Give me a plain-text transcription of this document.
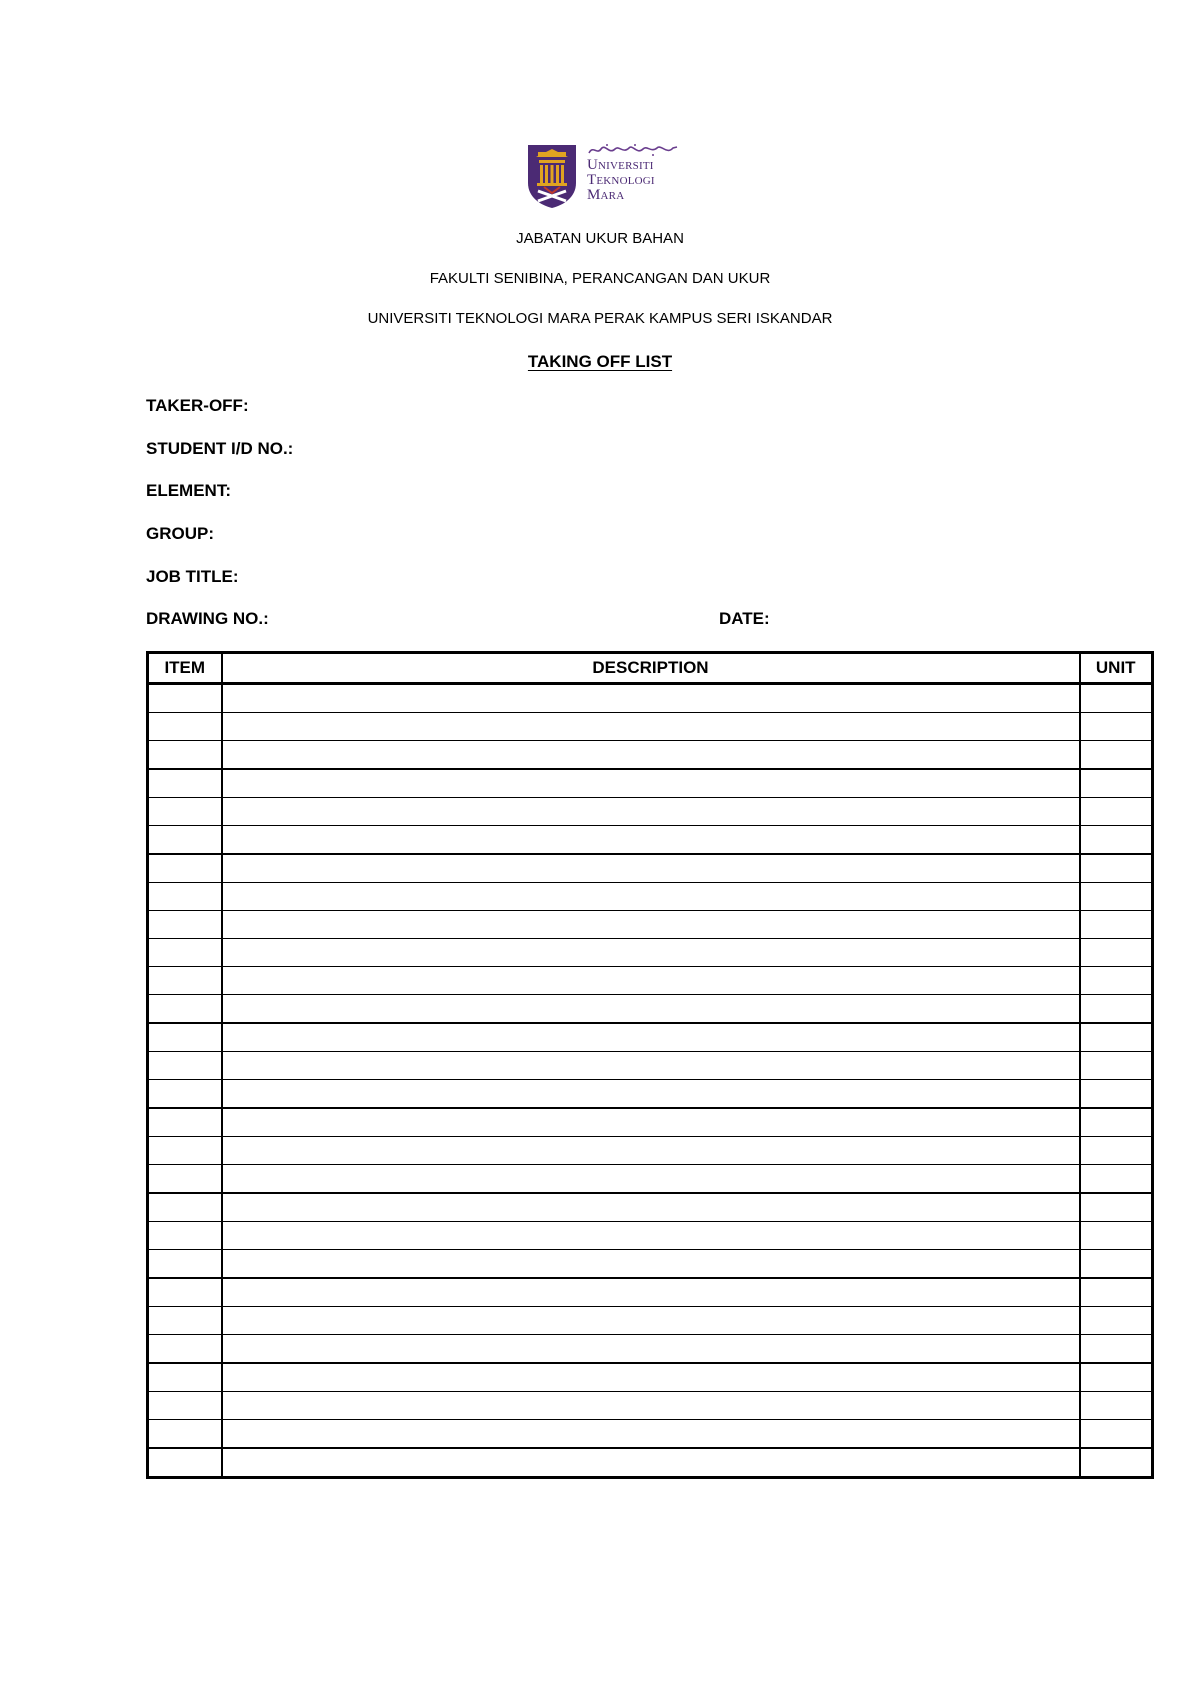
Universiti
Teknologi
Mara
JABATAN UKUR BAHAN
FAKULTI SENIBINA, PERANCANGAN DAN UKUR
UNIVERSITI TEKNOLOGI MARA PERAK KAMPUS SERI ISKANDAR
TAKING OFF LIST
TAKER-OFF:
STUDENT I/D NO.:
ELEMENT:
GROUP:
JOB TITLE:
DRAWING NO.:	DATE:
ITEM	DESCRIPTION	UNIT
